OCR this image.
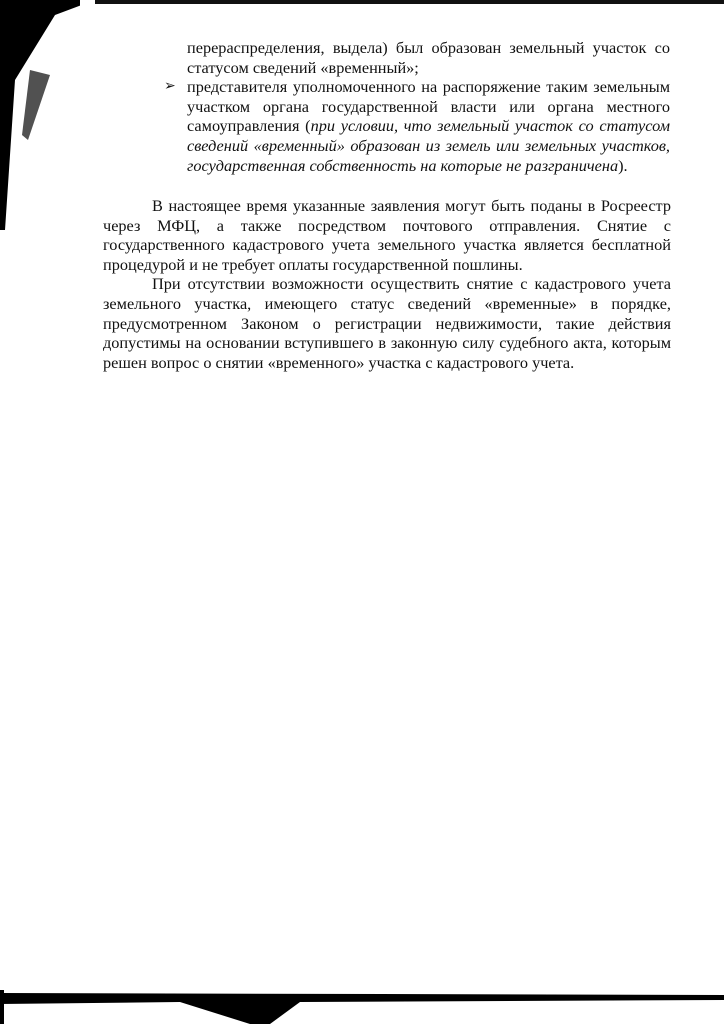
перераспределения, выдела) был образован земельный участок со статусом сведений «временный»;

➢ представителя уполномоченного на распоряжение таким земельным участком органа государственной власти или органа местного самоуправления (при условии, что земельный участок со статусом сведений «временный» образован из земель или земельных участков, государственная собственность на которые не разграничена).

В настоящее время указанные заявления могут быть поданы в Росреестр через МФЦ, а также посредством почтового отправления. Снятие с государственного кадастрового учета земельного участка является бесплатной процедурой и не требует оплаты государственной пошлины.

При отсутствии возможности осуществить снятие с кадастрового учета земельного участка, имеющего статус сведений «временные» в порядке, предусмотренном Законом о регистрации недвижимости, такие действия допустимы на основании вступившего в законную силу судебного акта, которым решен вопрос о снятии «временного» участка с кадастрового учета.
